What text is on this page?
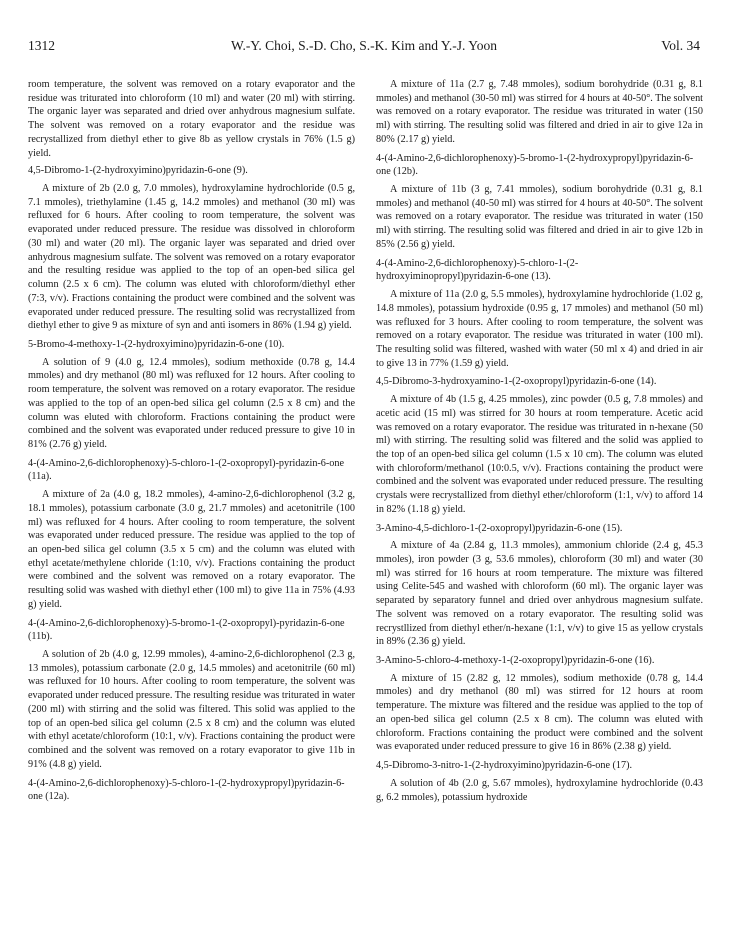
1312	W.-Y. Choi, S.-D. Cho, S.-K. Kim and Y.-J. Yoon	Vol. 34

room temperature, the solvent was removed on a rotary evaporator and the residue was triturated into chloroform (10 ml) and water (20 ml) with stirring. The organic layer was separated and dried over anhydrous magnesium sulfate. The solvent was removed on a rotary evaporator and the residue was recrystallized from diethyl ether to give 8b as yellow crystals in 76% (1.5 g) yield.

4,5-Dibromo-1-(2-hydroxyimino)pyridazin-6-one (9).

A mixture of 2b (2.0 g, 7.0 mmoles), hydroxylamine hydrochloride (0.5 g, 7.1 mmoles), triethylamine (1.45 g, 14.2 mmoles) and methanol (30 ml) was refluxed for 6 hours. After cooling to room temperature, the solvent was evaporated under reduced pressure. The residue was dissolved in chloroform (30 ml) and water (20 ml). The organic layer was separated and dried over anhydrous magnesium sulfate. The solvent was removed on a rotary evaporator and the resulting residue was applied to the top of an open-bed silica gel column (2.5 x 6 cm). The column was eluted with chloroform/diethyl ether (7:3, v/v). Fractions containing the product were combined and the solvent was evaporated under reduced pressure. The resulting solid was recrystallized from diethyl ether to give 9 as mixture of syn and anti isomers in 86% (1.94 g) yield.

5-Bromo-4-methoxy-1-(2-hydroxyimino)pyridazin-6-one (10).

A solution of 9 (4.0 g, 12.4 mmoles), sodium methoxide (0.78 g, 14.4 mmoles) and dry methanol (80 ml) was refluxed for 12 hours. After cooling to room temperature, the solvent was removed on a rotary evaporator. The residue was applied to the top of an open-bed silica gel column (2.5 x 8 cm) and the column was eluted with chloroform. Fractions containing the product were combined and the solvent was evaporated under reduced pressure to give 10 in 81% (2.76 g) yield.

4-(4-Amino-2,6-dichlorophenoxy)-5-chloro-1-(2-oxopropyl)-pyridazin-6-one (11a).

A mixture of 2a (4.0 g, 18.2 mmoles), 4-amino-2,6-dichlorophenol (3.2 g, 18.1 mmoles), potassium carbonate (3.0 g, 21.7 mmoles) and acetonitrile (100 ml) was refluxed for 4 hours. After cooling to room temperature, the solvent was evaporated under reduced pressure. The residue was applied to the top of an open-bed silica gel column (3.5 x 5 cm) and the column was eluted with ethyl acetate/methylene chloride (1:10, v/v). Fractions containing the product were combined and the solvent was removed on a rotary evaporator. The resulting solid was washed with diethyl ether (100 ml) to give 11a in 75% (4.93 g) yield.

4-(4-Amino-2,6-dichlorophenoxy)-5-bromo-1-(2-oxopropyl)-pyridazin-6-one (11b).

A solution of 2b (4.0 g, 12.99 mmoles), 4-amino-2,6-dichlorophenol (2.3 g, 13 mmoles), potassium carbonate (2.0 g, 14.5 mmoles) and acetonitrile (60 ml) was refluxed for 10 hours. After cooling to room temperature, the solvent was evaporated under reduced pressure. The resulting residue was triturated in water (200 ml) with stirring and the solid was filtered. This solid was applied to the top of an open-bed silica gel column (2.5 x 8 cm) and the column was eluted with ethyl acetate/chloroform (10:1, v/v). Fractions containing the product were combined and the solvent was removed on a rotary evaporator to give 11b in 91% (4.8 g) yield.

4-(4-Amino-2,6-dichlorophenoxy)-5-chloro-1-(2-hydroxypropyl)pyridazin-6-one (12a).

A mixture of 11a (2.7 g, 7.48 mmoles), sodium borohydride (0.31 g, 8.1 mmoles) and methanol (30-50 ml) was stirred for 4 hours at 40-50°. The solvent was removed on a rotary evaporator. The residue was triturated in water (150 ml) with stirring. The resulting solid was filtered and dried in air to give 12a in 80% (2.17 g) yield.

4-(4-Amino-2,6-dichlorophenoxy)-5-bromo-1-(2-hydroxypropyl)pyridazin-6-one (12b).

A mixture of 11b (3 g, 7.41 mmoles), sodium borohydride (0.31 g, 8.1 mmoles) and methanol (40-50 ml) was stirred for 4 hours at 40-50°. The solvent was removed on a rotary evaporator. The residue was triturated in water (150 ml) with stirring. The resulting solid was filtered and dried in air to give 12b in 85% (2.56 g) yield.

4-(4-Amino-2,6-dichlorophenoxy)-5-chloro-1-(2-hydroxyiminopropyl)pyridazin-6-one (13).

A mixture of 11a (2.0 g, 5.5 mmoles), hydroxylamine hydrochloride (1.02 g, 14.8 mmoles), potassium hydroxide (0.95 g, 17 mmoles) and methanol (50 ml) was refluxed for 3 hours. After cooling to room temperature, the solvent was removed on a rotary evaporator. The residue was triturated in water (100 ml). The resulting solid was filtered, washed with water (50 ml x 4) and dried in air to give 13 in 77% (1.59 g) yield.

4,5-Dibromo-3-hydroxyamino-1-(2-oxopropyl)pyridazin-6-one (14).

A mixture of 4b (1.5 g, 4.25 mmoles), zinc powder (0.5 g, 7.8 mmoles) and acetic acid (15 ml) was stirred for 30 hours at room temperature. Acetic acid was removed on a rotary evaporator. The residue was triturated in n-hexane (50 ml) with stirring. The resulting solid was filtered and the solid was applied to the top of an open-bed silica gel column (1.5 x 10 cm). The column was eluted with chloroform/methanol (10:0.5, v/v). Fractions containing the product were combined and the solvent was evaporated under reduced pressure. The resulting crystals were recrystallized from diethyl ether/chloroform (1:1, v/v) to afford 14 in 82% (1.18 g) yield.

3-Amino-4,5-dichloro-1-(2-oxopropyl)pyridazin-6-one (15).

A mixture of 4a (2.84 g, 11.3 mmoles), ammonium chloride (2.4 g, 45.3 mmoles), iron powder (3 g, 53.6 mmoles), chloroform (30 ml) and water (30 ml) was stirred for 16 hours at room temperature. The mixture was filtered using Celite-545 and washed with chloroform (60 ml). The organic layer was separated by separatory funnel and dried over anhydrous magnesium sulfate. The solvent was removed on a rotary evaporator. The resulting solid was recrystllized from diethyl ether/n-hexane (1:1, v/v) to give 15 as yellow crystals in 89% (2.36 g) yield.

3-Amino-5-chloro-4-methoxy-1-(2-oxopropyl)pyridazin-6-one (16).

A mixture of 15 (2.82 g, 12 mmoles), sodium methoxide (0.78 g, 14.4 mmoles) and dry methanol (80 ml) was stirred for 12 hours at room temperature. The mixture was filtered and the residue was applied to the top of an open-bed silica gel column (2.5 x 8 cm). The column was eluted with chloroform. Fractions containing the product were combined and the solvent was evaporated under reduced pressure to give 16 in 86% (2.38 g) yield.

4,5-Dibromo-3-nitro-1-(2-hydroxyimino)pyridazin-6-one (17).

A solution of 4b (2.0 g, 5.67 mmoles), hydroxylamine hydrochloride (0.43 g, 6.2 mmoles), potassium hydroxide
